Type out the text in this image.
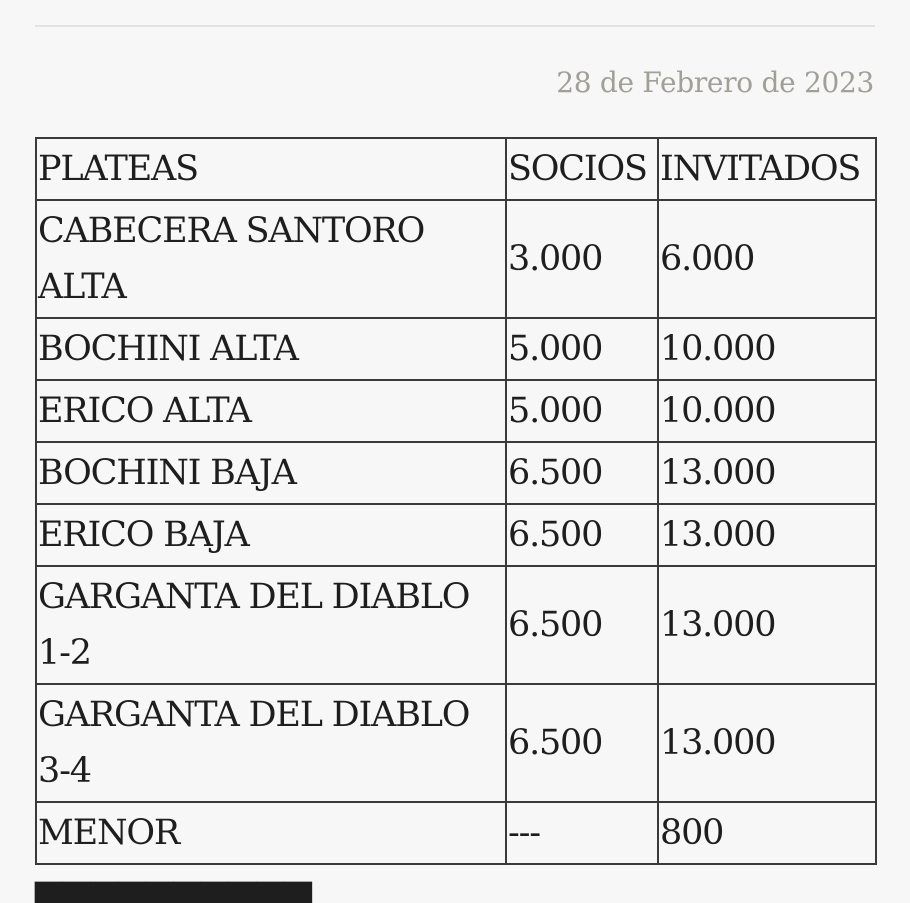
28 de Febrero de 2023
PLATEAS	SOCIOS	INVITADOS
CABECERA SANTORO ALTA	3.000	6.000
BOCHINI ALTA	5.000	10.000
ERICO ALTA	5.000	10.000
BOCHINI BAJA	6.500	13.000
ERICO BAJA	6.500	13.000
GARGANTA DEL DIABLO 1-2	6.500	13.000
GARGANTA DEL DIABLO 3-4	6.500	13.000
MENOR	---	800
▄▄▄▄▄▄▄▄▄▄
